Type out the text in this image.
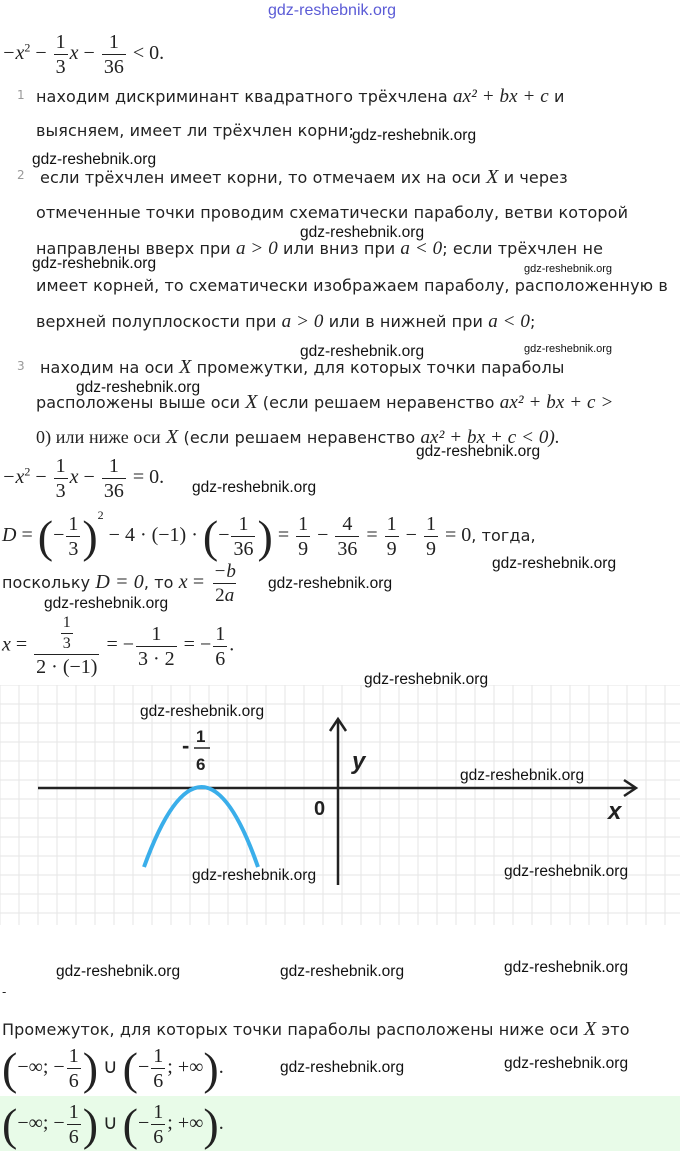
gdz-reshebnik.org
$-x^2 - \frac{1}{3}$ $x - \frac{1}{36} < 0$.
1 находим дискриминант квадратного трёхчлена ax² + bx + c и
выясняем, имеет ли трёхчлен корни;
2 если трёхчлен имеет корни, то отмечаем их на оси X и через
отмеченные точки проводим схематически параболу, ветви которой
направлены вверх при a > 0 или вниз при a < 0; если трёхчлен не
имеет корней, то схематически изображаем параболу, расположенную в
верхней полуплоскости при a > 0 или в нижней при a < 0;
3 находим на оси X промежутки, для которых точки параболы
расположены выше оси X (если решаем неравенство ax² + bx + c >
0) или ниже оси X (если решаем неравенство ax² + bx + c < 0).
$-x^2 - \frac{1}{3}$ $x - \frac{1}{36} = 0$.
D = (− $\frac{1}{3} )^2 - 4 \cdot (-1)$ · (− $\frac{1}{36}$ ) = $\frac{1}{9} - \frac{4}{36} = \frac{1}{9} - \frac{1}{9} = 0$, тогда,
поскольку D = 0, то $x = \frac{-b}{2a}$
$x = \frac{\frac{1}{3}}{2 \cdot (-1)}$ = − $\frac{1}{3 \cdot 2}$ = − $\frac{1}{6}$ .
- 1
6	y
x
0
-
Промежуток, для которых точки параболы расположены ниже оси X это
(−∞; − $\frac{1}{6}$ ) ∪ (− $\frac{1}{6}$ ; +∞).
(−∞; − $\frac{1}{6}$ ) ∪ (− $\frac{1}{6}$ ; +∞).
gdz-reshebnik.org
gdz-reshebnik.org
gdz-reshebnik.org
gdz-reshebnik.org	gdz-reshebnik.org
gdz-reshebnik.org	gdz-reshebnik.org
gdz-reshebnik.org
gdz-reshebnik.org
gdz-reshebnik.org
gdz-reshebnik.org
gdz-reshebnik.org
gdz-reshebnik.org
gdz-reshebnik.org
gdz-reshebnik.org
gdz-reshebnik.org
gdz-reshebnik.org	gdz-reshebnik.org
gdz-reshebnik.org	gdz-reshebnik.org	gdz-reshebnik.org
gdz-reshebnik.org	gdz-reshebnik.org
